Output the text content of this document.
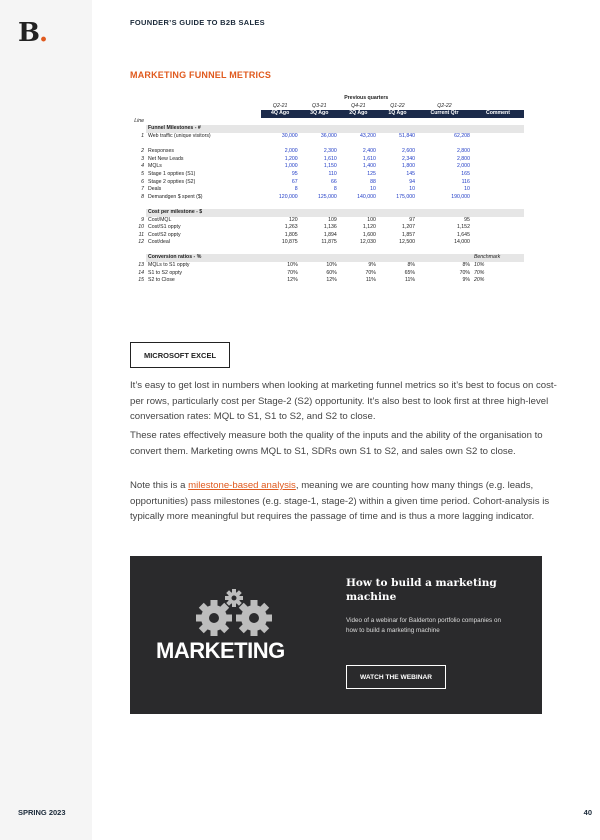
B.
SPRING 2023
FOUNDER’S GUIDE TO B2B SALES
MARKETING FUNNEL METRICS
		Previous quarters					
		Q2-21	Q3-21	Q4-21	Q1-22	Q2-22	
		4Q Ago	3Q Ago	2Q Ago	1Q Ago	Current Qtr	Comment
Line							
	Funnel Milestones - #						
1	Web traffic (unique visitors)	30,000	36,000	43,200	51,840	62,208	

2	Responses	2,000	2,300	2,400	2,600	2,800	
3	Net New Leads	1,200	1,610	1,610	2,340	2,800	
4	MQLs	1,000	1,150	1,400	1,800	2,000	
5	Stage 1 oppties (S1)	95	110	125	145	165	
6	Stage 2 oppties (S2)	67	66	88	94	116	
7	Deals	8	8	10	10	10	
8	Demandgen $ spent ($)	120,000	125,000	140,000	175,000	190,000	

	Cost per milestone - $						
9	Cost/MQL	120	109	100	97	95	
10	Cost/S1 oppty	1,263	1,136	1,120	1,207	1,152	
11	Cost/S2 oppty	1,805	1,894	1,600	1,857	1,645	
12	Cost/deal	10,875	11,875	12,030	12,500	14,000	

	Conversion ratios - %						Benchmark
13	MQLs to S1 oppty	10%	10%	9%	8%	8%	10%
14	S1 to S2 oppty	70%	60%	70%	65%	70%	70%
15	S2 to Close	12%	12%	11%	11%	9%	20%
MICROSOFT EXCEL

It’s easy to get lost in numbers when looking at marketing funnel metrics so it’s best to focus on cost-per rows, particularly cost per Stage-2 (S2) opportunity. It’s also best to look first at three high-level conversation rates: MQL to S1, S1 to S2, and S2 to close.

These rates effectively measure both the quality of the inputs and the ability of the organisation to convert them. Marketing owns MQL to S1, SDRs own S1 to S2, and sales own S2 to close.

Note this is a milestone-based analysis, meaning we are counting how many things (e.g. leads, opportunities) pass milestones (e.g. stage-1, stage-2) within a given time period. Cohort-analysis is typically more meaningful but requires the passage of time and is thus a more lagging indicator.

MARKETING
How to build a marketing machine
Video of a webinar for Balderton portfolio companies on how to build a marketing machine
WATCH THE WEBINAR
40
